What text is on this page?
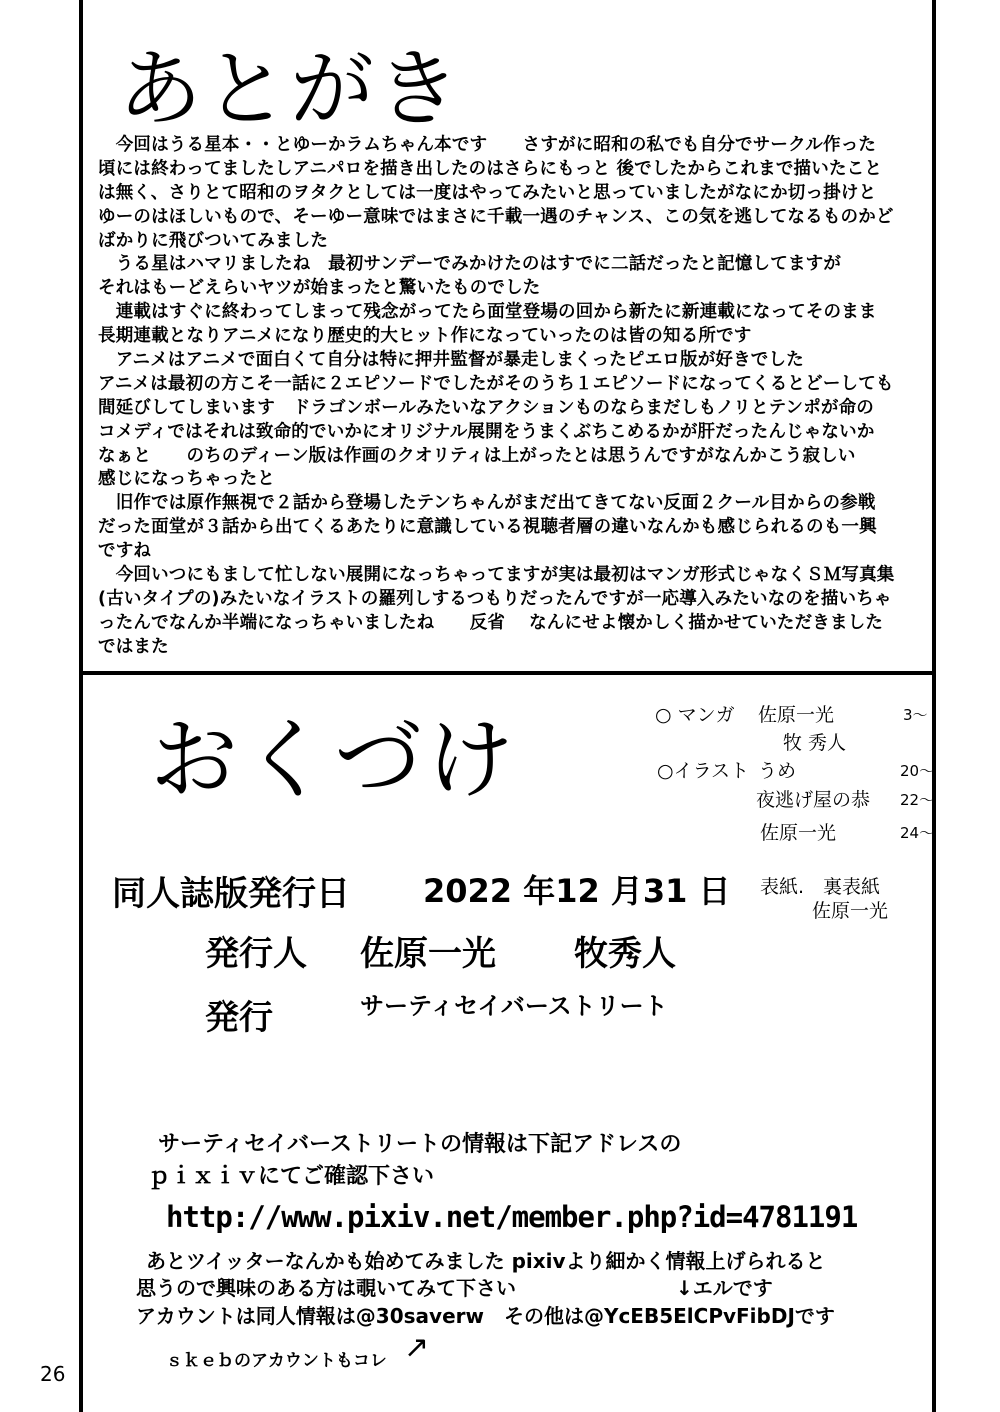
あとがき
　今回はうる星本・・とゆーかラムちゃん本です　　さすがに昭和の私でも自分でサークル作った
頃には終わってましたしアニパロを描き出したのはさらにもっと 後でしたからこれまで描いたこと
は無く、さりとて昭和のヲタクとしては一度はやってみたいと思っていましたがなにか切っ掛けと
ゆーのはほしいもので、そーゆー意味ではまさに千載一遇のチャンス、この気を逃してなるものかど
ばかりに飛びついてみました
　うる星はハマリましたね　最初サンデーでみかけたのはすでに二話だったと記憶してますが
それはもーどえらいヤツが始まったと驚いたものでした
　連載はすぐに終わってしまって残念がってたら面堂登場の回から新たに新連載になってそのまま
長期連載となりアニメになり歴史的大ヒット作になっていったのは皆の知る所です
　アニメはアニメで面白くて自分は特に押井監督が暴走しまくったピエロ版が好きでした
アニメは最初の方こそ一話に２エピソードでしたがそのうち１エピソードになってくるとどーしても
間延びしてしまいます　ドラゴンボールみたいなアクションものならまだしもノリとテンポが命の
コメディではそれは致命的でいかにオリジナル展開をうまくぶちこめるかが肝だったんじゃないか
なぁと　　のちのディーン版は作画のクオリティは上がったとは思うんですがなんかこう寂しい
感じになっちゃったと
　旧作では原作無視で２話から登場したテンちゃんがまだ出てきてない反面２クール目からの参戦
だった面堂が３話から出てくるあたりに意識している視聴者層の違いなんかも感じられるのも一興
ですね
　今回いつにもまして忙しない展開になっちゃってますが実は最初はマンガ形式じゃなくＳＭ写真集
(古いタイプの)みたいなイラストの羅列しするつもりだったんですが一応導入みたいなのを描いちゃ
ったんでなんか半端になっちゃいましたね　　反省　 なんにせよ懐かしく描かせていただきました
ではまた
おくづけ	○ マンガ 佐原一光	3～
牧 秀人
○イラスト うめ	20～
夜逃げ屋の恭 22～
佐原一光	24～
表紙.　裏表紙
佐原一光
同人誌版発行日 2022 年12 月31 日
発行人 佐原一光 牧秀人
発行	サーティセイバーストリート
サーティセイバーストリートの情報は下記アドレスの
ｐｉｘｉｖにてご確認下さい
http://www.pixiv.net/member.php?id=4781191
あとツイッターなんかも始めてみました pixivより細かく情報上げられると
思うので興味のある方は覗いてみて下さい	↓エルです
アカウントは同人情報は@30saverw　その他は@YcEB5ElCPvFibDJです
ｓｋｅｂのアカウントもコレ ↗
26
